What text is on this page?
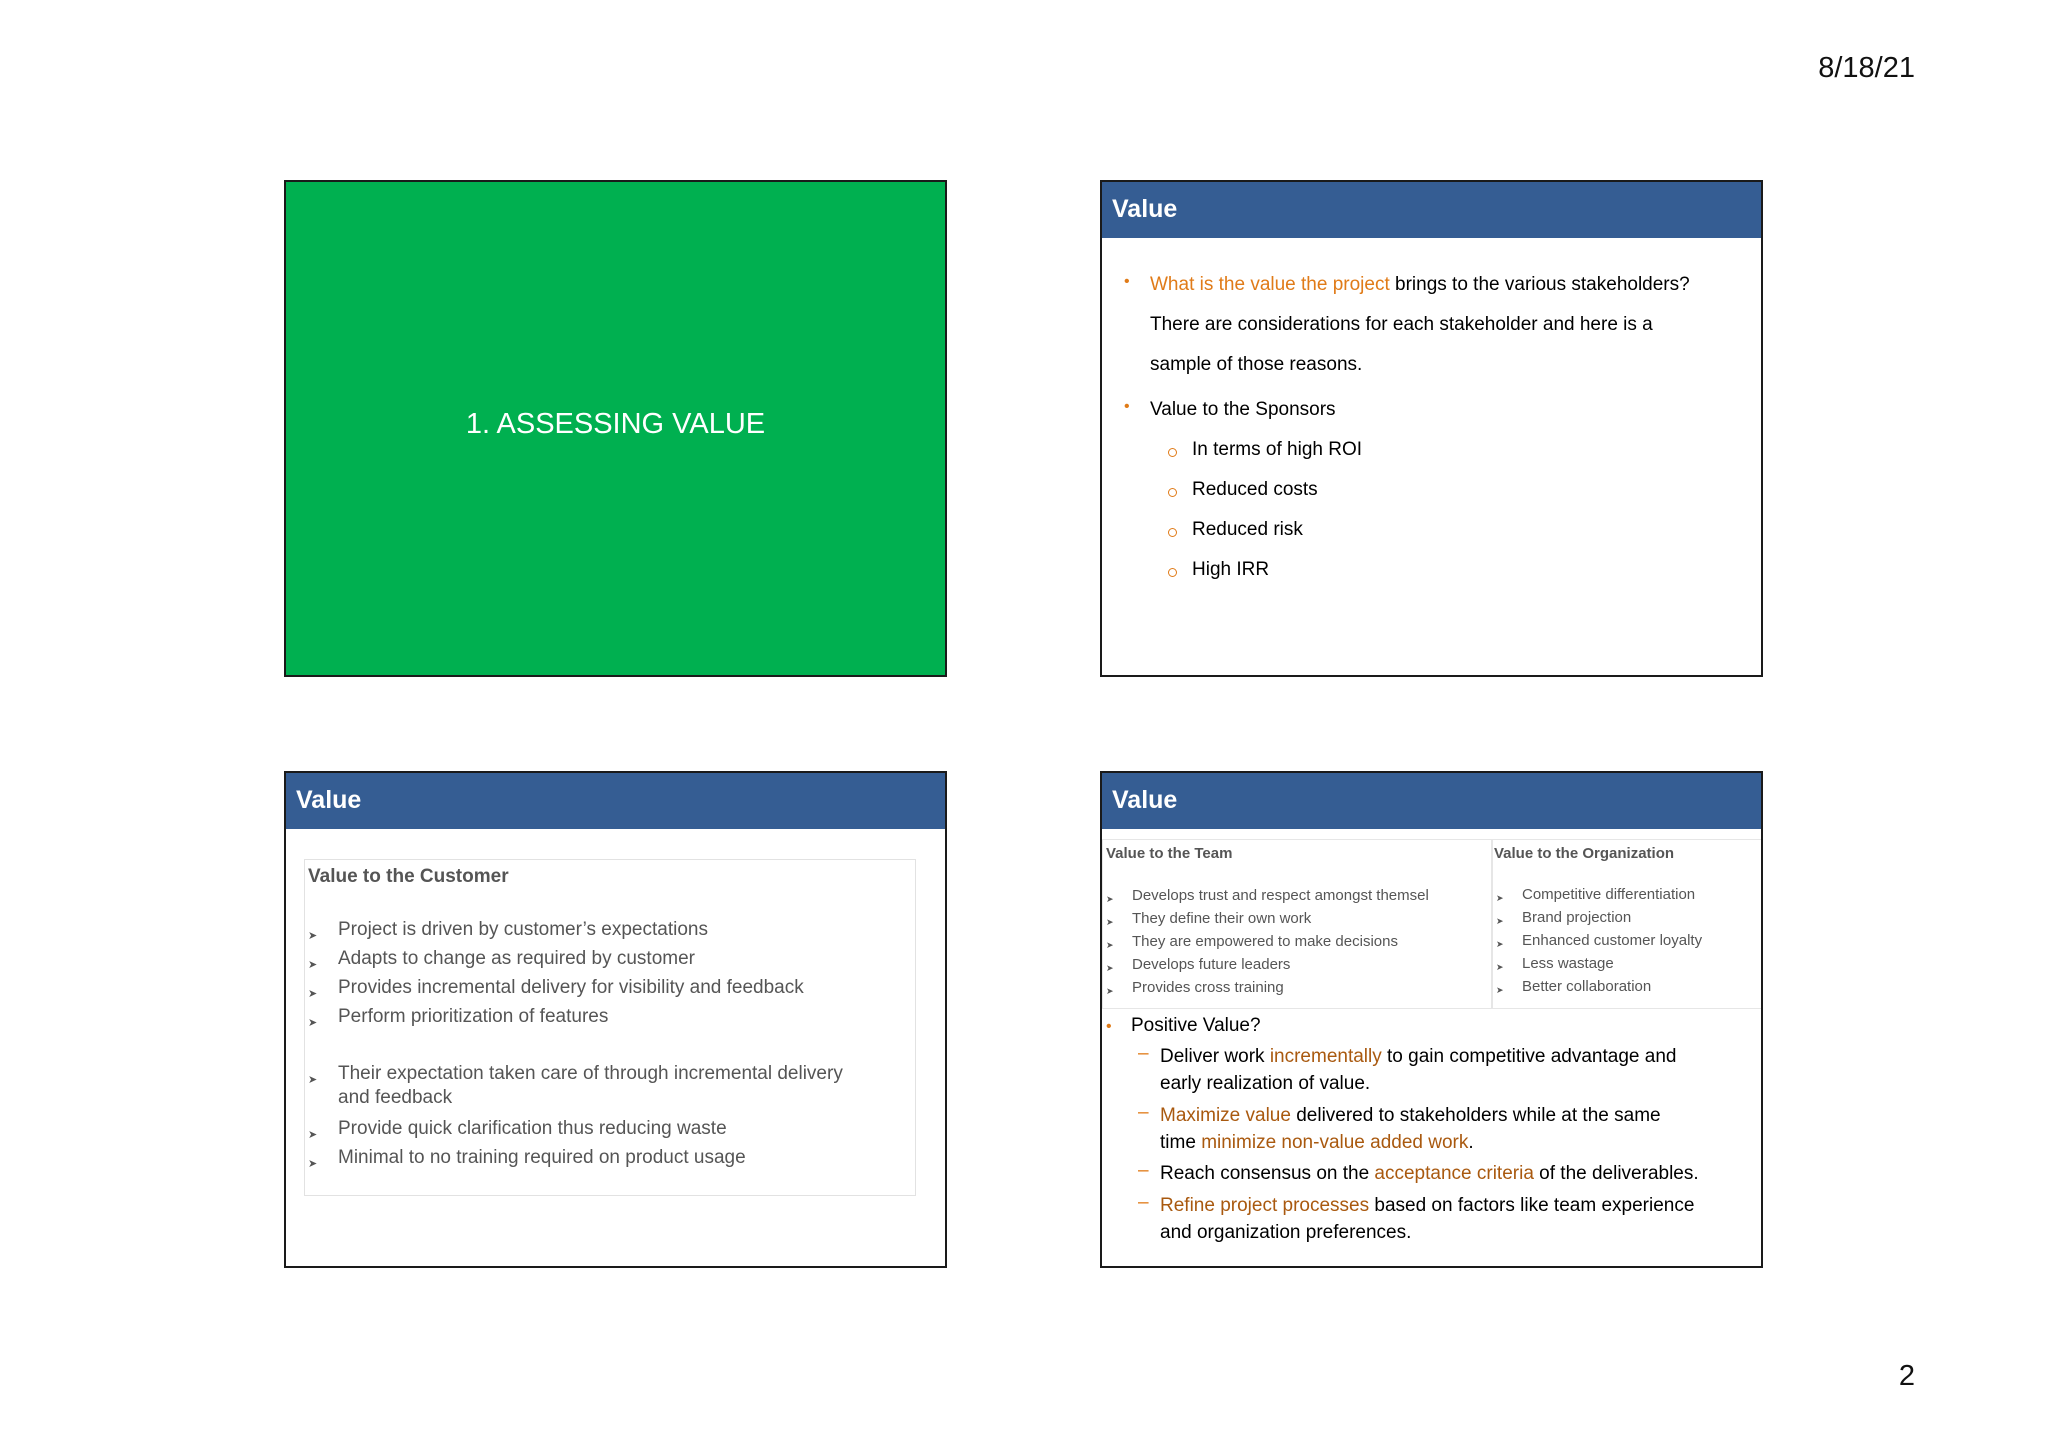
8/18/21
1. ASSESSING VALUE
Value
• What is the value the project brings to the various stakeholders?
There are considerations for each stakeholder and here is a
sample of those reasons.
• Value to the Sponsors
In terms of high ROI
Reduced costs
Reduced risk
High IRR
Value
Value to the Customer
➤ Project is driven by customer’s expectations
➤ Adapts to change as required by customer
➤ Provides incremental delivery for visibility and feedback
➤ Perform prioritization of features
➤ Their expectation taken care of through incremental delivery and feedback
➤ Provide quick clarification thus reducing waste
➤ Minimal to no training required on product usage
Value
Value to the Team	Value to the Organization
➤ Develops trust and respect amongst themsel
➤ They define their own work
➤ They are empowered to make decisions
➤ Develops future leaders
➤ Provides cross training
➤ Competitive differentiation
➤ Brand projection
➤ Enhanced customer loyalty
➤ Less wastage
➤ Better collaboration
• Positive Value?
– Deliver work incrementally to gain competitive advantage and
early realization of value.
– Maximize value delivered to stakeholders while at the same
time minimize non-value added work.
– Reach consensus on the acceptance criteria of the deliverables.
– Refine project processes based on factors like team experience
and organization preferences.
2
